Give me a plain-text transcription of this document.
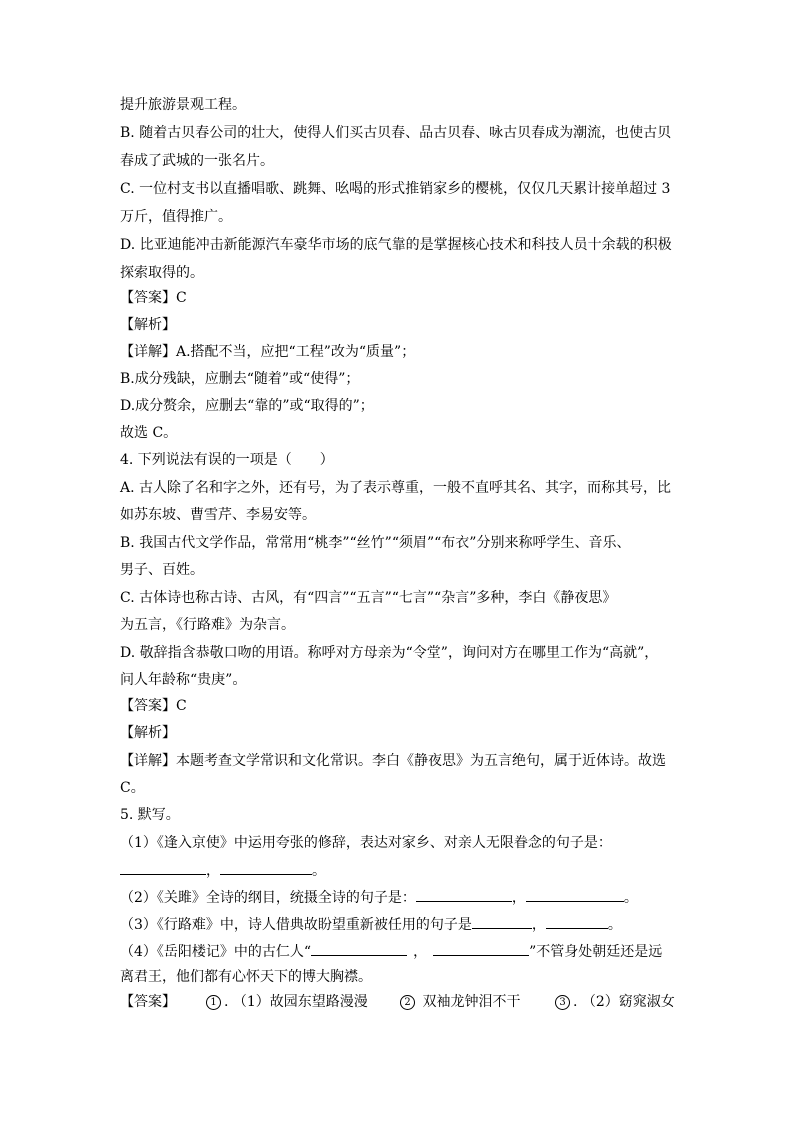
提升旅游景观工程。
B. 随着古贝春公司的壮大，使得人们买古贝春、品古贝春、咏古贝春成为潮流，也使古贝
春成了武城的一张名片。
C. 一位村支书以直播唱歌、跳舞、吆喝的形式推销家乡的樱桃，仅仅几天累计接单超过 3
万斤，值得推广。
D. 比亚迪能冲击新能源汽车豪华市场的底气靠的是掌握核心技术和科技人员十余载的积极
探索取得的。
【答案】C
【解析】
【详解】A.搭配不当，应把“工程”改为“质量”；
B.成分残缺，应删去“随着”或“使得”；
D.成分赘余，应删去“靠的”或“取得的”；
故选 C。
4. 下列说法有误的一项是（　　）
A. 古人除了名和字之外，还有号，为了表示尊重，一般不直呼其名、其字，而称其号，比
如苏东坡、曹雪芹、李易安等。
B. 我国古代文学作品，常常用“桃李”“丝竹”“须眉”“布衣”分别来称呼学生、音乐、
男子、百姓。
C. 古体诗也称古诗、古风，有“四言”“五言”“七言”“杂言”多种，李白《静夜思》
为五言，《行路难》为杂言。
D. 敬辞指含恭敬口吻的用语。称呼对方母亲为“令堂”，询问对方在哪里工作为“高就”，
问人年龄称“贵庚”。
【答案】C
【解析】
【详解】本题考查文学常识和文化常识。李白《静夜思》为五言绝句，属于近体诗。故选
C。
5. 默写。
（1）《逢入京使》中运用夸张的修辞，表达对家乡、对亲人无限眷念的句子是：
，	。
（2）《关雎》全诗的纲目，统摄全诗的句子是：	，	。
（3）《行路难》中，诗人借典故盼望重新被任用的句子是	，	。
（4）《岳阳楼记》中的古仁人“	，	”不管身处朝廷还是远
离君王，他们都有心怀天下的博大胸襟。
【答案】	1 . （1）故园东望路漫漫	2 双袖龙钟泪不干	3 . （2）窈窕淑女
